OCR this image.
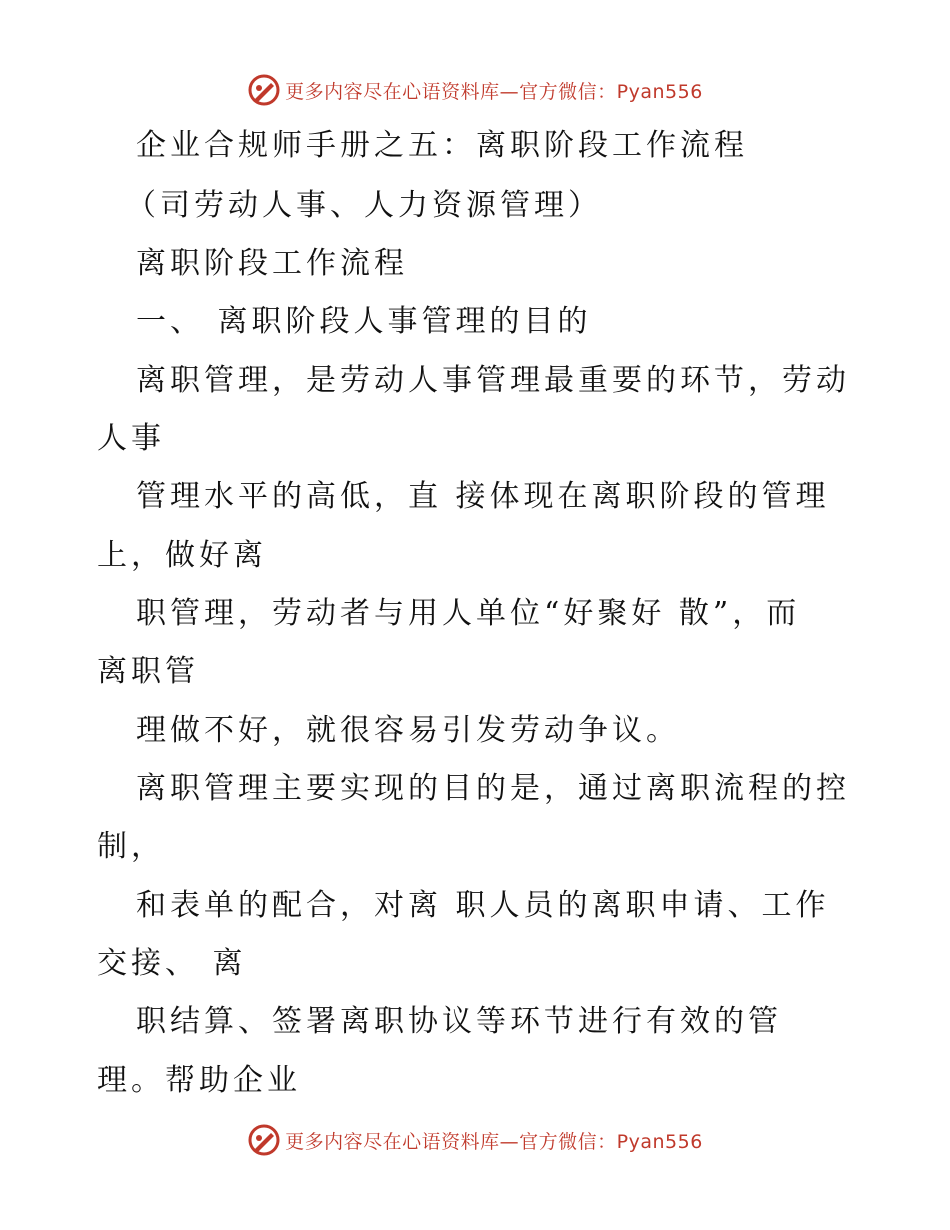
更多内容尽在心语资料库—官方微信：Pyan556
企业合规师手册之五：离职阶段工作流程
（司劳动人事、人力资源管理）
离职阶段工作流程
一、 离职阶段人事管理的目的
离职管理，是劳动人事管理最重要的环节，劳动
人事
管理水平的高低，直 接体现在离职阶段的管理
上，做好离
职管理，劳动者与用人单位“好聚好 散”，而
离职管
理做不好，就很容易引发劳动争议。
离职管理主要实现的目的是，通过离职流程的控
制，
和表单的配合，对离 职人员的离职申请、工作
交接、 离
职结算、签署离职协议等环节进行有效的管
理。帮助企业
更多内容尽在心语资料库—官方微信：Pyan556
